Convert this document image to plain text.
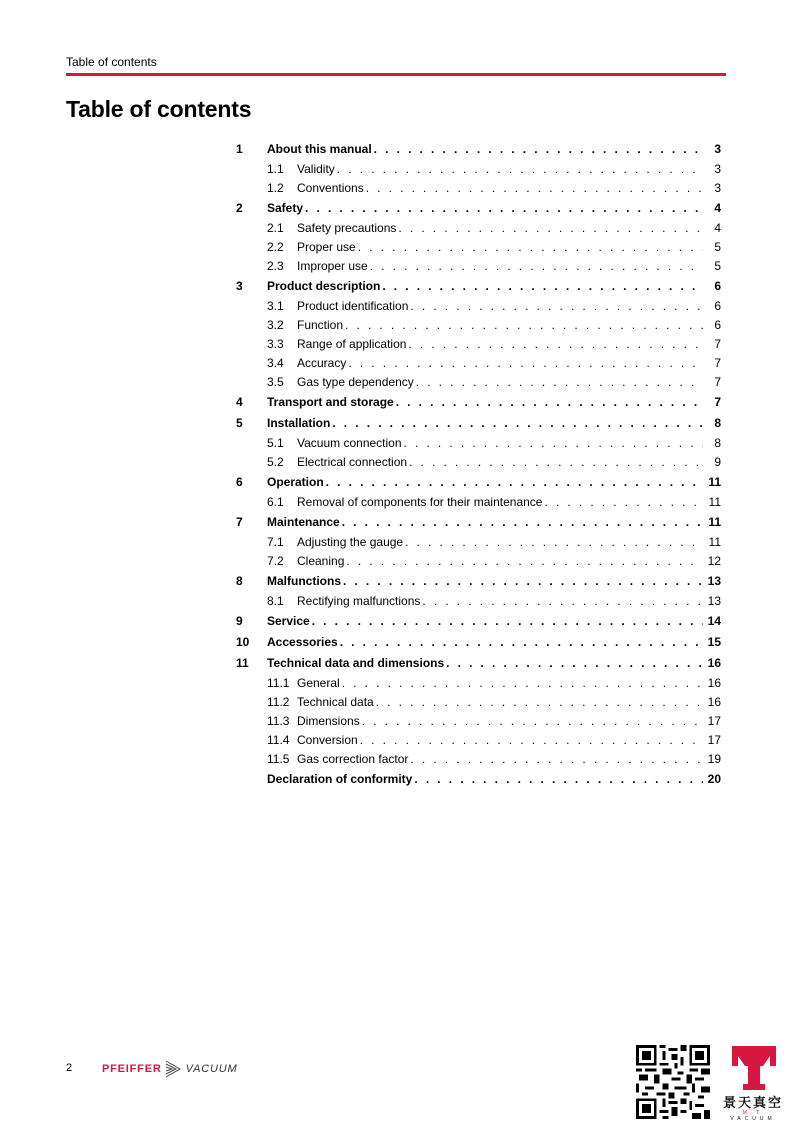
Table of contents
Table of contents
1 About this manual . . .	3
1.1 Validity . . .	3
1.2 Conventions . . .	3
2 Safety . . .	4
2.1 Safety precautions . . .	4
2.2 Proper use . . .	5
2.3 Improper use . . .	5
3 Product description . . .	6
3.1 Product identification . . .	6
3.2 Function . . .	6
3.3 Range of application . . .	7
3.4 Accuracy . . .	7
3.5 Gas type dependency . . .	7
4 Transport and storage . . .	7
5 Installation . . .	8
5.1 Vacuum connection . . .	8
5.2 Electrical connection . . .	9
6 Operation . . .	11
6.1 Removal of components for their maintenance . . .	11
7 Maintenance . . .	11
7.1 Adjusting the gauge . . .	11
7.2 Cleaning . . .	12
8 Malfunctions . . .	13
8.1 Rectifying malfunctions . . .	13
9 Service . . .	14
10 Accessories . . .	15
11 Technical data and dimensions . . .	16
11.1 General . . .	16
11.2 Technical data . . .	16
11.3 Dimensions . . .	17
11.4 Conversion . . .	17
11.5 Gas correction factor . . .	19
Declaration of conformity . . .	20
2	PFEIFFER VACUUM
景天真空
M T VACUUM
